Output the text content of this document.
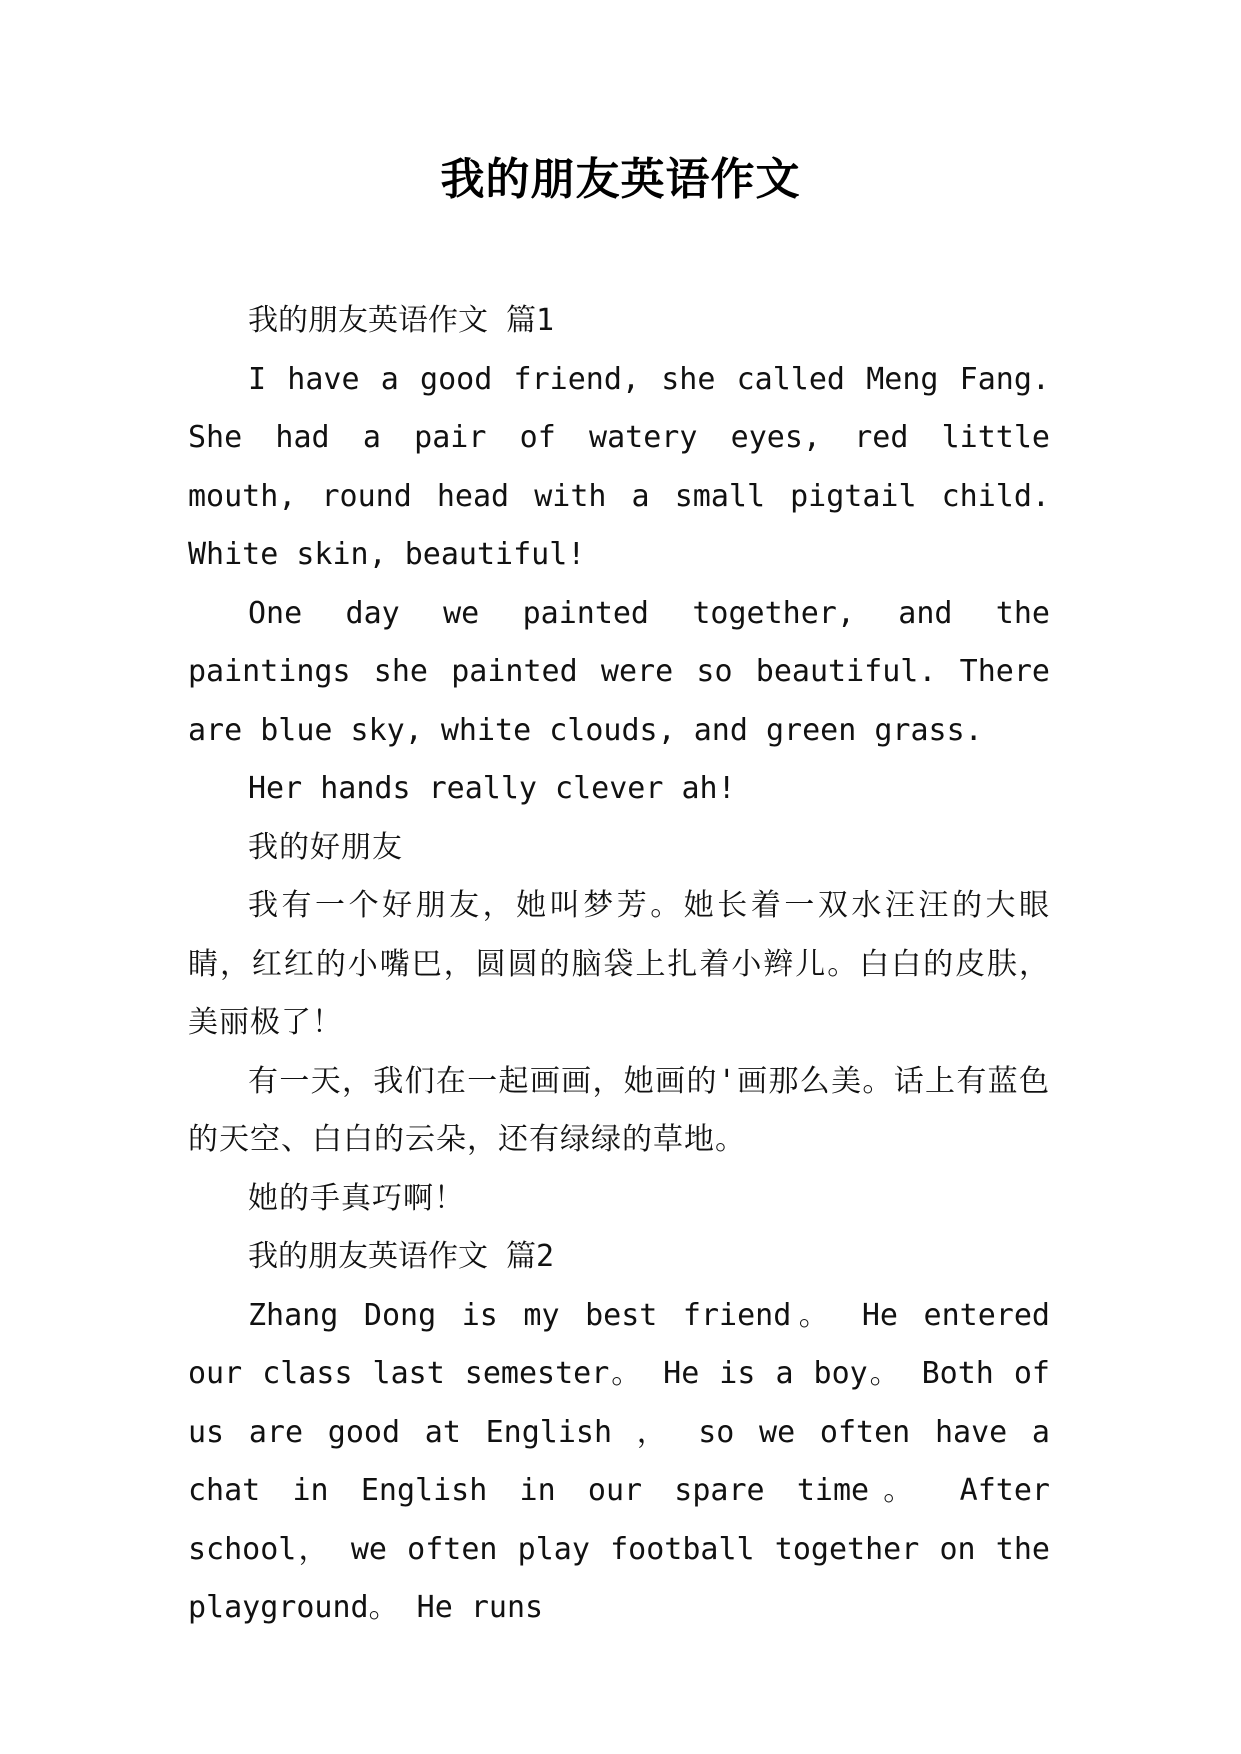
我的朋友英语作文

我的朋友英语作文 篇1

I have a good friend, she called Meng Fang. She had a pair of watery eyes, red little mouth, round head with a small pigtail child. White skin, beautiful!

One day we painted together, and the paintings she painted were so beautiful. There are blue sky, white clouds, and green grass.

Her hands really clever ah!

我的好朋友

我有一个好朋友，她叫梦芳。她长着一双水汪汪的大眼睛，红红的小嘴巴，圆圆的脑袋上扎着小辫儿。白白的皮肤，美丽极了！

有一天，我们在一起画画，她画的'画那么美。话上有蓝色的天空、白白的云朵，还有绿绿的草地。

她的手真巧啊！

我的朋友英语作文 篇2

Zhang Dong is my best friend。 He entered our class last semester。 He is a boy。 Both of us are good at English ， so we often have a chat in English in our spare time。 After school， we often play football together on the playground。 He runs
